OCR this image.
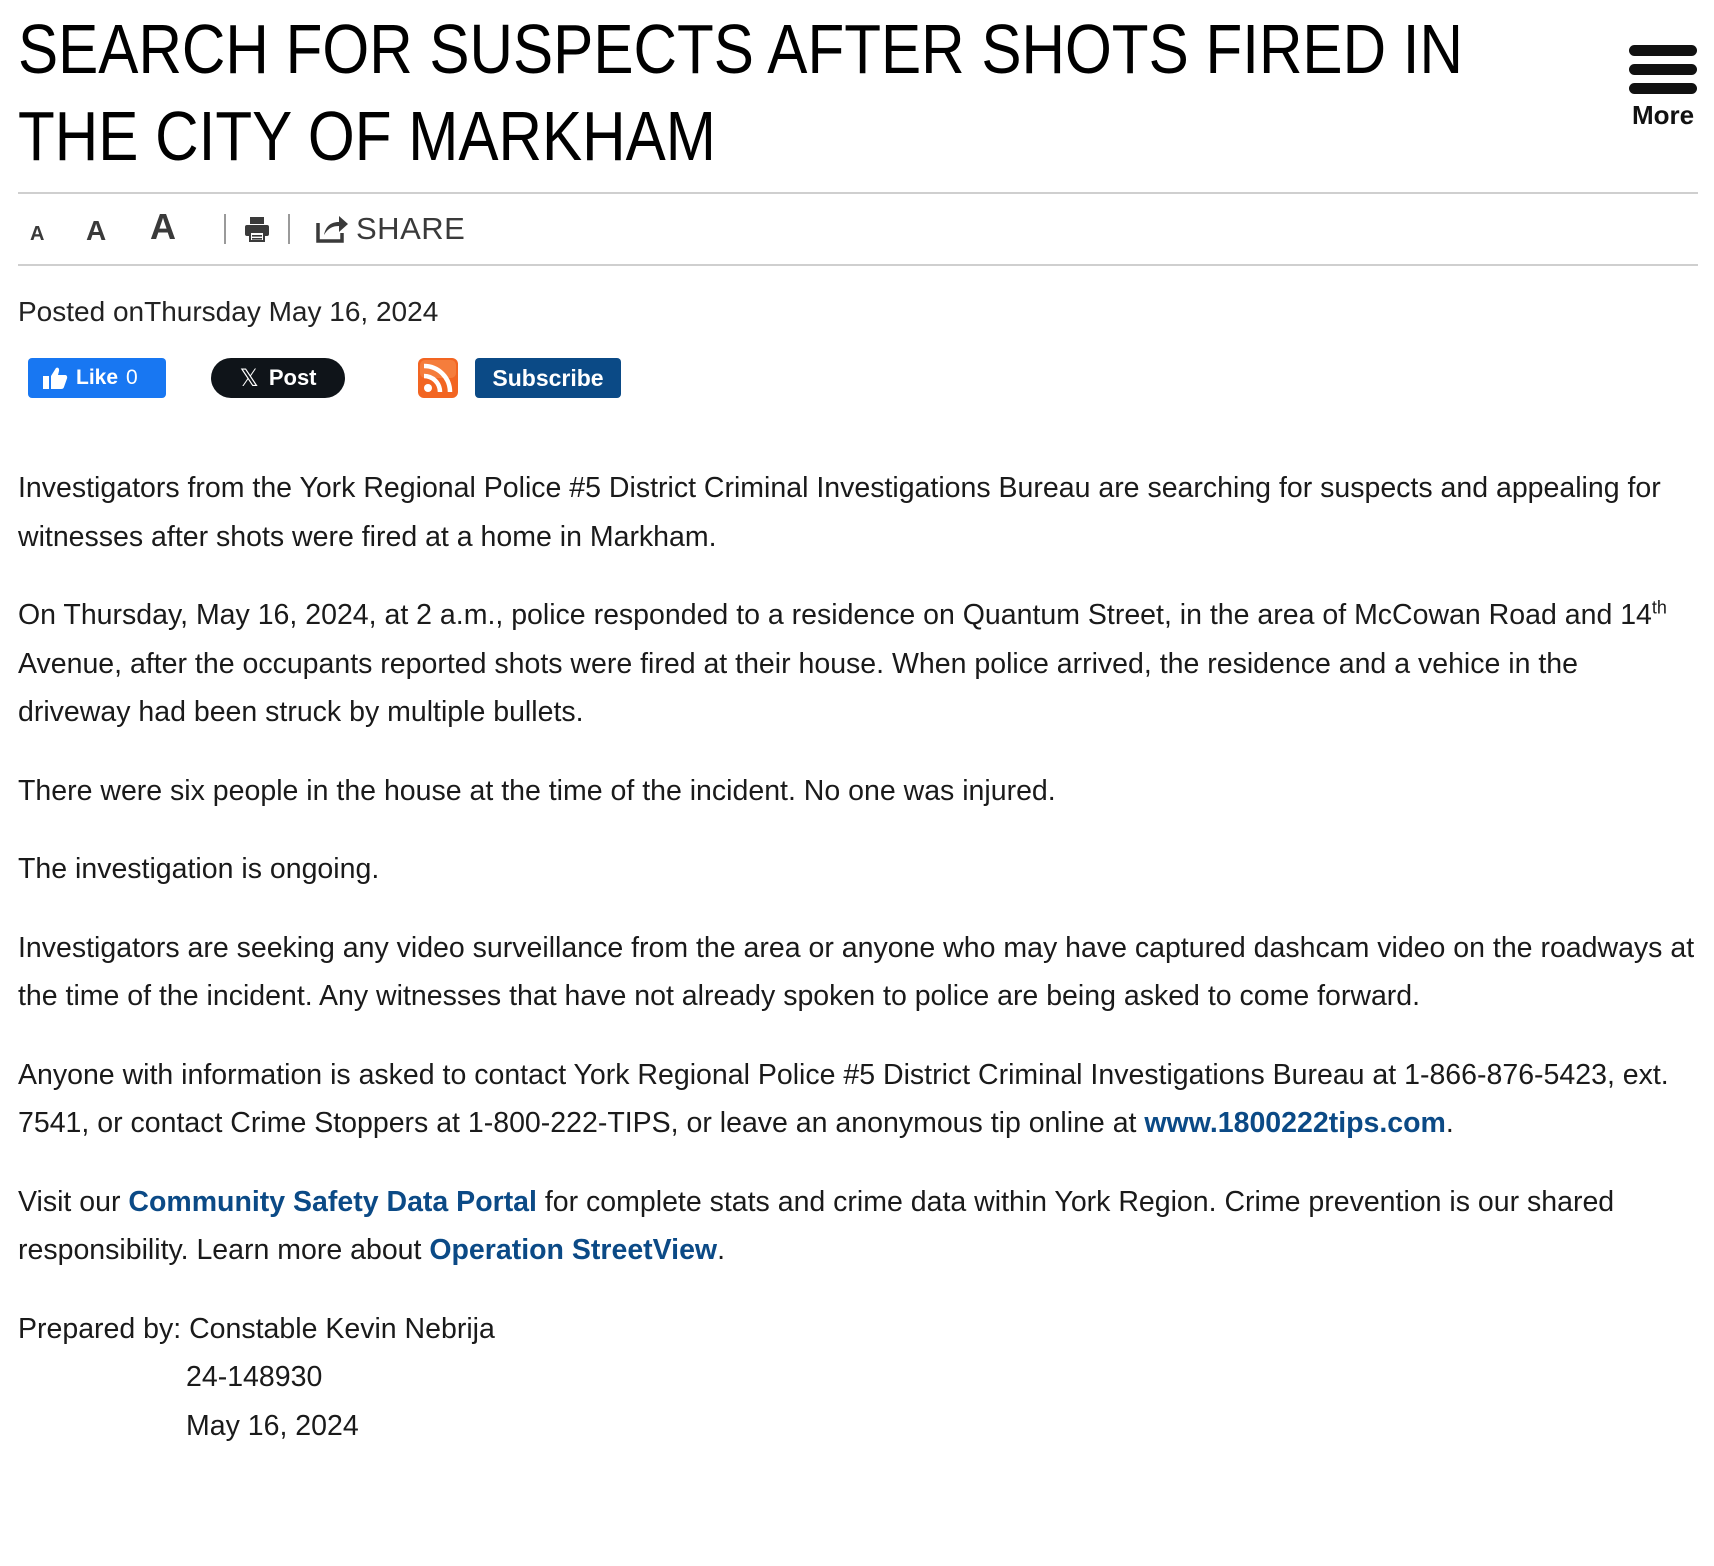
SEARCH FOR SUSPECTS AFTER SHOTS FIRED IN THE CITY OF MARKHAM	More
A	A	A	SHARE
Posted onThursday May 16, 2024
Like 0	𝕏 Post	Subscribe

Investigators from the York Regional Police #5 District Criminal Investigations Bureau are searching for suspects and appealing for witnesses after shots were fired at a home in Markham.

On Thursday, May 16, 2024, at 2 a.m., police responded to a residence on Quantum Street, in the area of McCowan Road and 14th Avenue, after the occupants reported shots were fired at their house. When police arrived, the residence and a vehice in the driveway had been struck by multiple bullets.

There were six people in the house at the time of the incident. No one was injured.

The investigation is ongoing.

Investigators are seeking any video surveillance from the area or anyone who may have captured dashcam video on the roadways at the time of the incident. Any witnesses that have not already spoken to police are being asked to come forward.

Anyone with information is asked to contact York Regional Police #5 District Criminal Investigations Bureau at 1-866-876-5423, ext. 7541, or contact Crime Stoppers at 1-800-222-TIPS, or leave an anonymous tip online at www.1800222tips.com.

Visit our Community Safety Data Portal for complete stats and crime data within York Region. Crime prevention is our shared responsibility. Learn more about Operation StreetView.

Prepared by: Constable Kevin Nebrija
24-148930
May 16, 2024
